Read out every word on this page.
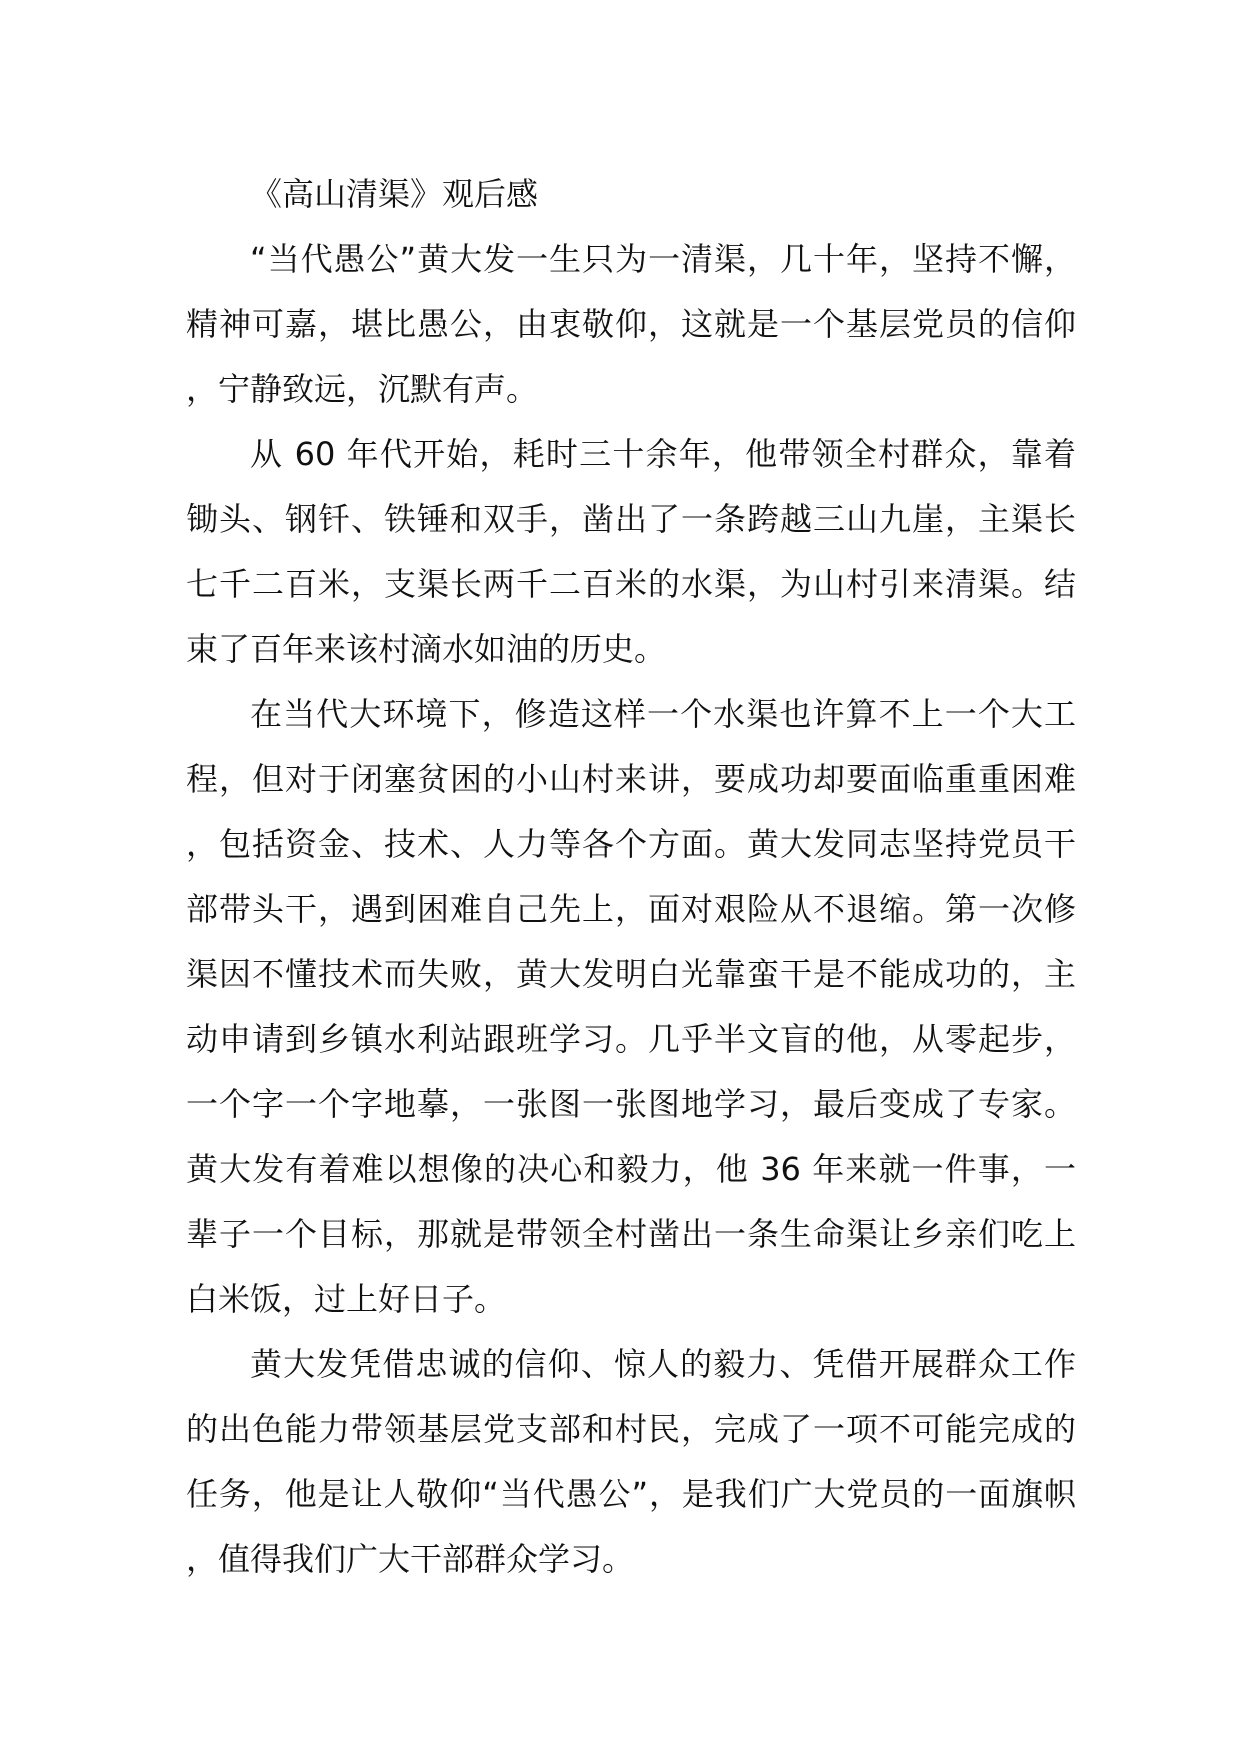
《高山清渠》观后感

“当代愚公”黄大发一生只为一清渠，几十年，坚持不懈，精神可嘉，堪比愚公，由衷敬仰，这就是一个基层党员的信仰，宁静致远，沉默有声。

从 60 年代开始，耗时三十余年，他带领全村群众，靠着锄头、钢钎、铁锤和双手，凿出了一条跨越三山九崖，主渠长七千二百米，支渠长两千二百米的水渠，为山村引来清渠。结束了百年来该村滴水如油的历史。

在当代大环境下，修造这样一个水渠也许算不上一个大工程，但对于闭塞贫困的小山村来讲，要成功却要面临重重困难，包括资金、技术、人力等各个方面。黄大发同志坚持党员干部带头干，遇到困难自己先上，面对艰险从不退缩。第一次修渠因不懂技术而失败，黄大发明白光靠蛮干是不能成功的，主动申请到乡镇水利站跟班学习。几乎半文盲的他，从零起步，一个字一个字地摹，一张图一张图地学习，最后变成了专家。黄大发有着难以想像的决心和毅力，他 36 年来就一件事，一辈子一个目标，那就是带领全村凿出一条生命渠让乡亲们吃上白米饭，过上好日子。

黄大发凭借忠诚的信仰、惊人的毅力、凭借开展群众工作的出色能力带领基层党支部和村民，完成了一项不可能完成的任务，他是让人敬仰“当代愚公”，是我们广大党员的一面旗帜，值得我们广大干部群众学习。
